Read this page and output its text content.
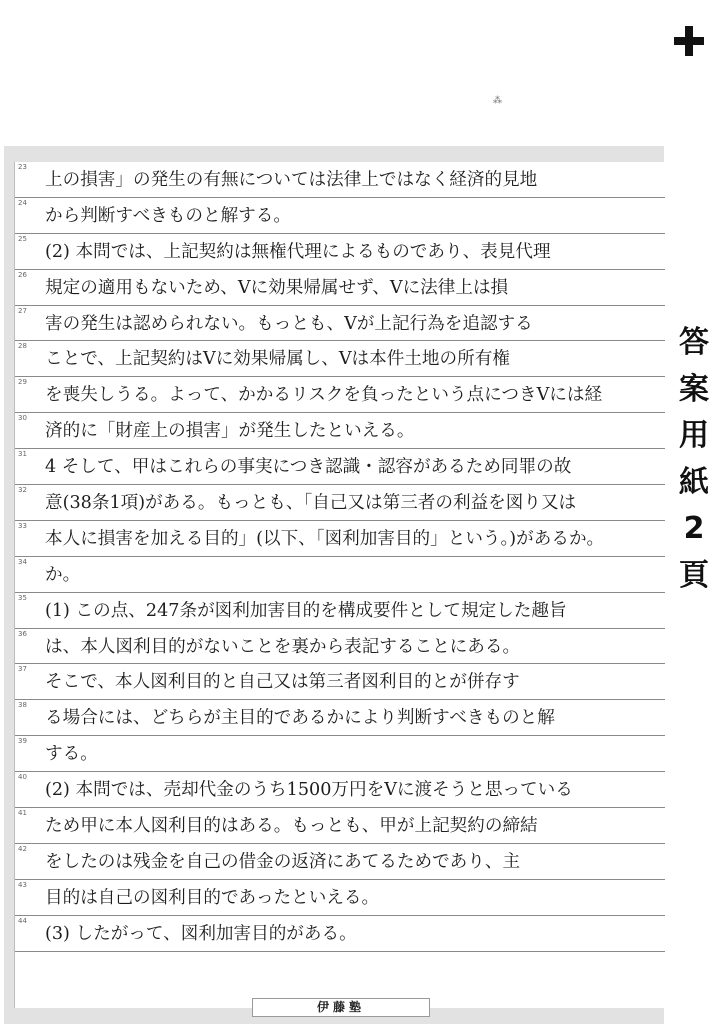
⁂
23
上の損害」の発生の有無については法律上ではなく経済的見地
24
から判断すべきものと解する。
25
(2) 本問では、上記契約は無権代理によるものであり、表見代理
26
規定の適用もないため、Vに効果帰属せず、Vに法律上は損
27
害の発生は認められない。もっとも、Vが上記行為を追認する
28
ことで、上記契約はVに効果帰属し、Vは本件土地の所有権
29
を喪失しうる。よって、かかるリスクを負ったという点につきVには経
30
済的に「財産上の損害」が発生したといえる。
31
4 そして、甲はこれらの事実につき認識・認容があるため同罪の故
32
意(38条1項)がある。もっとも、「自己又は第三者の利益を図り又は
33
本人に損害を加える目的」(以下、「図利加害目的」という。)があるか。
34
か。
35
(1) この点、247条が図利加害目的を構成要件として規定した趣旨
36
は、本人図利目的がないことを裏から表記することにある。
37
そこで、本人図利目的と自己又は第三者図利目的とが併存す
38
る場合には、どちらが主目的であるかにより判断すべきものと解
39
する。
40
(2) 本問では、売却代金のうち1500万円をVに渡そうと思っている
41
ため甲に本人図利目的はある。もっとも、甲が上記契約の締結
42
をしたのは残金を自己の借金の返済にあてるためであり、主
43
目的は自己の図利目的であったといえる。
44
(3) したがって、図利加害目的がある。
伊藤塾
答
案
用
紙
2
頁
